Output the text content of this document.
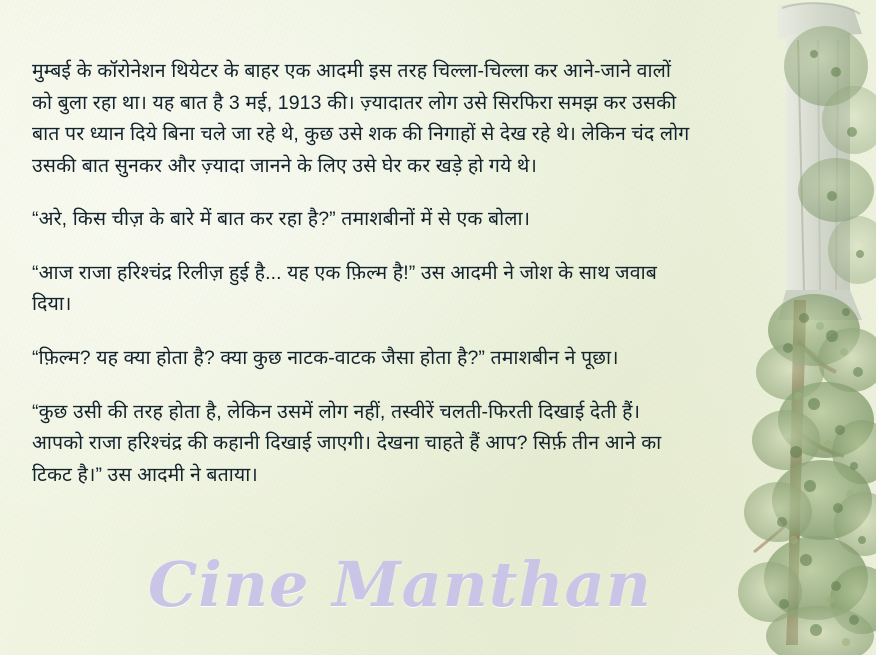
मुम्बई के कॉरोनेशन थियेटर के बाहर एक आदमी इस तरह चिल्ला-चिल्ला कर आने-जाने वालों को बुला रहा था। यह बात है 3 मई, 1913 की। ज़्यादातर लोग उसे सिरफिरा समझ कर उसकी बात पर ध्यान दिये बिना चले जा रहे थे, कुछ उसे शक की निगाहों से देख रहे थे। लेकिन चंद लोग उसकी बात सुनकर और ज़्यादा जानने के लिए उसे घेर कर खड़े हो गये थे।

“अरे, किस चीज़ के बारे में बात कर रहा है?” तमाशबीनों में से एक बोला।

“आज राजा हरिश्चंद्र रिलीज़ हुई है... यह एक फ़िल्म है!” उस आदमी ने जोश के साथ जवाब दिया।

“फ़िल्म? यह क्या होता है? क्या कुछ नाटक-वाटक जैसा होता है?” तमाशबीन ने पूछा।

“कुछ उसी की तरह होता है, लेकिन उसमें लोग नहीं, तस्वीरें चलती-फिरती दिखाई देती हैं। आपको राजा हरिश्चंद्र की कहानी दिखाई जाएगी। देखना चाहते हैं आप? सिर्फ़ तीन आने का टिकट है।” उस आदमी ने बताया।

Cine Manthan
